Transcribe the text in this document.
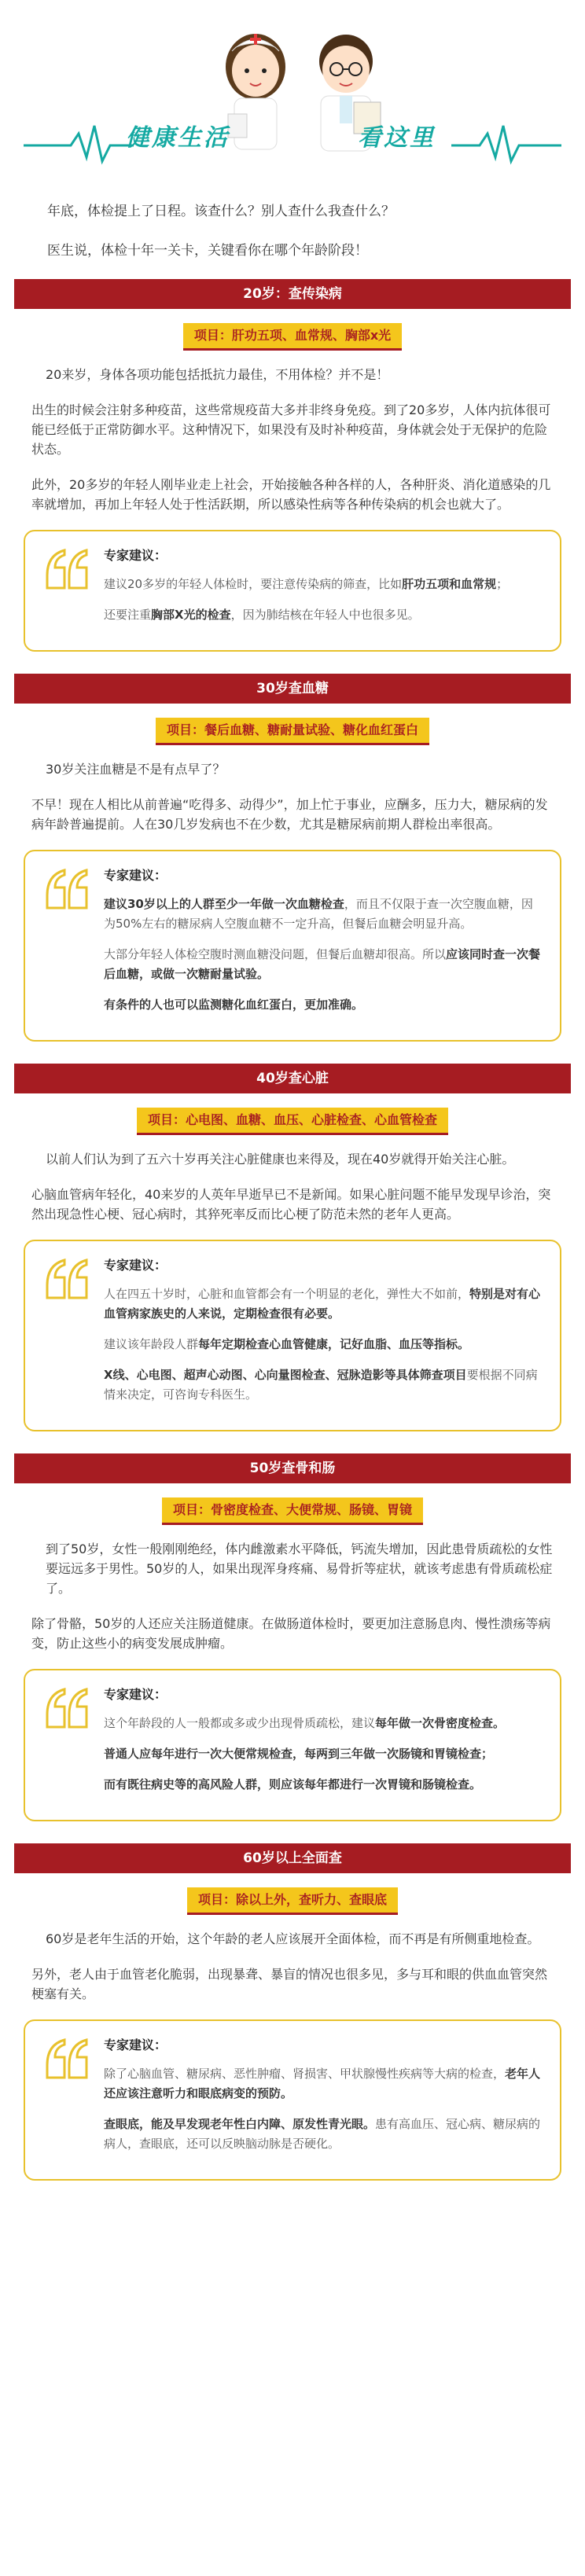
健康生活	看这里

年底，体检提上了日程。该查什么？别人查什么我查什么？

医生说，体检十年一关卡，关键看你在哪个年龄阶段！

20岁：查传染病
项目：肝功五项、血常规、胸部x光

20来岁，身体各项功能包括抵抗力最佳，不用体检？并不是！

出生的时候会注射多种疫苗，这些常规疫苗大多并非终身免疫。到了20多岁，人体内抗体很可能已经低于正常防御水平。这种情况下，如果没有及时补种疫苗，身体就会处于无保护的危险状态。

此外，20多岁的年轻人刚毕业走上社会，开始接触各种各样的人，各种肝炎、消化道感染的几率就增加，再加上年轻人处于性活跃期，所以感染性病等各种传染病的机会也就大了。

专家建议：

建议20多岁的年轻人体检时，要注意传染病的筛查，比如肝功五项和血常规；

还要注重胸部X光的检查，因为肺结核在年轻人中也很多见。

30岁查血糖
项目：餐后血糖、糖耐量试验、糖化血红蛋白

30岁关注血糖是不是有点早了？

不早！现在人相比从前普遍“吃得多、动得少”，加上忙于事业，应酬多，压力大，糖尿病的发病年龄普遍提前。人在30几岁发病也不在少数，尤其是糖尿病前期人群检出率很高。

专家建议：

建议30岁以上的人群至少一年做一次血糖检查，而且不仅限于查一次空腹血糖，因为50%左右的糖尿病人空腹血糖不一定升高，但餐后血糖会明显升高。

大部分年轻人体检空腹时测血糖没问题，但餐后血糖却很高。所以应该同时查一次餐后血糖，或做一次糖耐量试验。

有条件的人也可以监测糖化血红蛋白，更加准确。

40岁查心脏
项目：心电图、血糖、血压、心脏检查、心血管检查

以前人们认为到了五六十岁再关注心脏健康也来得及，现在40岁就得开始关注心脏。

心脑血管病年轻化，40来岁的人英年早逝早已不是新闻。如果心脏问题不能早发现早诊治，突然出现急性心梗、冠心病时，其猝死率反而比心梗了防范未然的老年人更高。

专家建议：

人在四五十岁时，心脏和血管都会有一个明显的老化，弹性大不如前，特别是对有心血管病家族史的人来说，定期检查很有必要。

建议该年龄段人群每年定期检查心血管健康，记好血脂、血压等指标。

X线、心电图、超声心动图、心向量图检查、冠脉造影等具体筛查项目要根据不同病情来决定，可咨询专科医生。

50岁查骨和肠
项目：骨密度检查、大便常规、肠镜、胃镜

到了50岁，女性一般刚刚绝经，体内雌激素水平降低，钙流失增加，因此患骨质疏松的女性要远远多于男性。50岁的人，如果出现浑身疼痛、易骨折等症状，就该考虑患有骨质疏松症了。

除了骨骼，50岁的人还应关注肠道健康。在做肠道体检时，要更加注意肠息肉、慢性溃疡等病变，防止这些小的病变发展成肿瘤。

专家建议：

这个年龄段的人一般都或多或少出现骨质疏松，建议每年做一次骨密度检查。

普通人应每年进行一次大便常规检查，每两到三年做一次肠镜和胃镜检查；

而有既往病史等的高风险人群，则应该每年都进行一次胃镜和肠镜检查。

60岁以上全面查
项目：除以上外，查听力、查眼底

60岁是老年生活的开始，这个年龄的老人应该展开全面体检，而不再是有所侧重地检查。

另外，老人由于血管老化脆弱，出现暴聋、暴盲的情况也很多见，多与耳和眼的供血血管突然梗塞有关。

专家建议：

除了心脑血管、糖尿病、恶性肿瘤、肾损害、甲状腺慢性疾病等大病的检查，老年人还应该注意听力和眼底病变的预防。

查眼底，能及早发现老年性白内障、原发性青光眼。患有高血压、冠心病、糖尿病的病人，查眼底，还可以反映脑动脉是否硬化。
